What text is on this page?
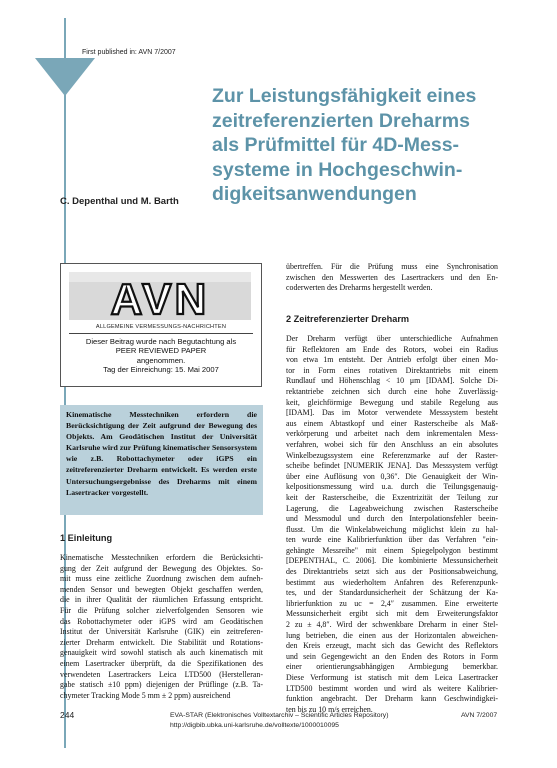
First published in: AVN 7/2007
Zur Leistungsfähigkeit eines
zeitreferenzierten Dreharms
als Prüfmittel für 4D-Mess-
systeme in Hochgeschwin-
digkeitsanwendungen
C. Depenthal und M. Barth
AVN
ALLGEMEINE VERMESSUNGS-NACHRICHTEN
Dieser Beitrag wurde nach Begutachtung als
PEER REVIEWED PAPER
angenommen.
Tag der Einreichung: 15. Mai 2007

Kinematische Messtechniken erfordern die Berücksichtigung der Zeit aufgrund der Bewegung des Objekts. Am Geodätischen Institut der Universität Karlsruhe wird zur Prüfung kinematischer Sensorsystem wie z.B. Robottachymeter oder iGPS ein zeitreferenzierter Dreharm entwickelt. Es werden erste Untersuchungsergebnisse des Dreharms mit einem Lasertracker vorgestellt.

1 Einleitung
Kinematische Messtechniken erfordern die Berücksichti-
gung der Zeit aufgrund der Bewegung des Objektes. So-
mit muss eine zeitliche Zuordnung zwischen dem aufneh-
menden Sensor und bewegten Objekt geschaffen werden,
die in ihrer Qualität der räumlichen Erfassung entspricht.
Für die Prüfung solcher zielverfolgenden Sensoren wie
das Robottachymeter oder iGPS wird am Geodätischen
Institut der Universität Karlsruhe (GIK) ein zeitreferen-
zierter Dreharm entwickelt. Die Stabilität und Rotations-
genauigkeit wird sowohl statisch als auch kinematisch mit
einem Lasertracker überprüft, da die Spezifikationen des
verwendeten Lasertrackers Leica LTD500 (Herstelleran-
gabe statisch ±10 ppm) diejenigen der Prüflinge (z.B. Ta-
chymeter Tracking Mode 5 mm ± 2 ppm) ausreichend
übertreffen. Für die Prüfung muss eine Synchronisation
zwischen den Messwerten des Lasertrackers und den En-
coderwerten des Dreharms hergestellt werden.
2 Zeitreferenzierter Dreharm
Der Dreharm verfügt über unterschiedliche Aufnahmen
für Reflektoren am Ende des Rotors, wobei ein Radius
von etwa 1m entsteht. Der Antrieb erfolgt über einen Mo-
tor in Form eines rotativen Direktantriebs mit einem
Rundlauf und Höhenschlag < 10 μm [IDAM]. Solche Di-
rektantriebe zeichnen sich durch eine hohe Zuverlässig-
keit, gleichförmige Bewegung und stabile Regelung aus
[IDAM]. Das im Motor verwendete Messsystem besteht
aus einem Abtastkopf und einer Rasterscheibe als Maß-
verkörperung und arbeitet nach dem inkrementalen Mess-
verfahren, wobei sich für den Anschluss an ein absolutes
Winkelbezugssystem eine Referenzmarke auf der Raster-
scheibe befindet [NUMERIK JENA]. Das Messsystem verfügt
über eine Auflösung von 0,36″. Die Genauigkeit der Win-
kelpositionsmessung wird u.a. durch die Teilungsgenauig-
keit der Rasterscheibe, die Exzentrizität der Teilung zur
Lagerung, die Lageabweichung zwischen Rasterscheibe
und Messmodul und durch den Interpolationsfehler beein-
flusst. Um die Winkelabweichung möglichst klein zu hal-
ten wurde eine Kalibrierfunktion über das Verfahren "ein-
gehängte Messreihe" mit einem Spiegelpolygon bestimmt
[DEPENTHAL, C. 2006]. Die kombinierte Messunsicherheit
des Direktantriebs setzt sich aus der Positionsabweichung,
bestimmt aus wiederholtem Anfahren des Referenzpunk-
tes, und der Standardunsicherheit der Schätzung der Ka-
librierfunktion zu uc = 2,4″ zusammen. Eine erweiterte
Messunsicherheit ergibt sich mit dem Erweiterungsfaktor
2 zu ± 4,8″. Wird der schwenkbare Dreharm in einer Stel-
lung betrieben, die einen aus der Horizontalen abweichen-
den Kreis erzeugt, macht sich das Gewicht des Reflektors
und sein Gegengewicht an den Enden des Rotors in Form
einer orientierungsabhängigen Armbiegung bemerkbar.
Diese Verformung ist statisch mit dem Leica Lasertracker
LTD500 bestimmt worden und wird als weitere Kalibrier-
funktion angebracht. Der Dreharm kann Geschwindigkei-
ten bis zu 10 m/s erreichen.
244	EVA-STAR (Elektronisches Volltextarchiv – Scientific Articles Repository)
http://digbib.ubka.uni-karlsruhe.de/volltexte/1000010095
AVN 7/2007
